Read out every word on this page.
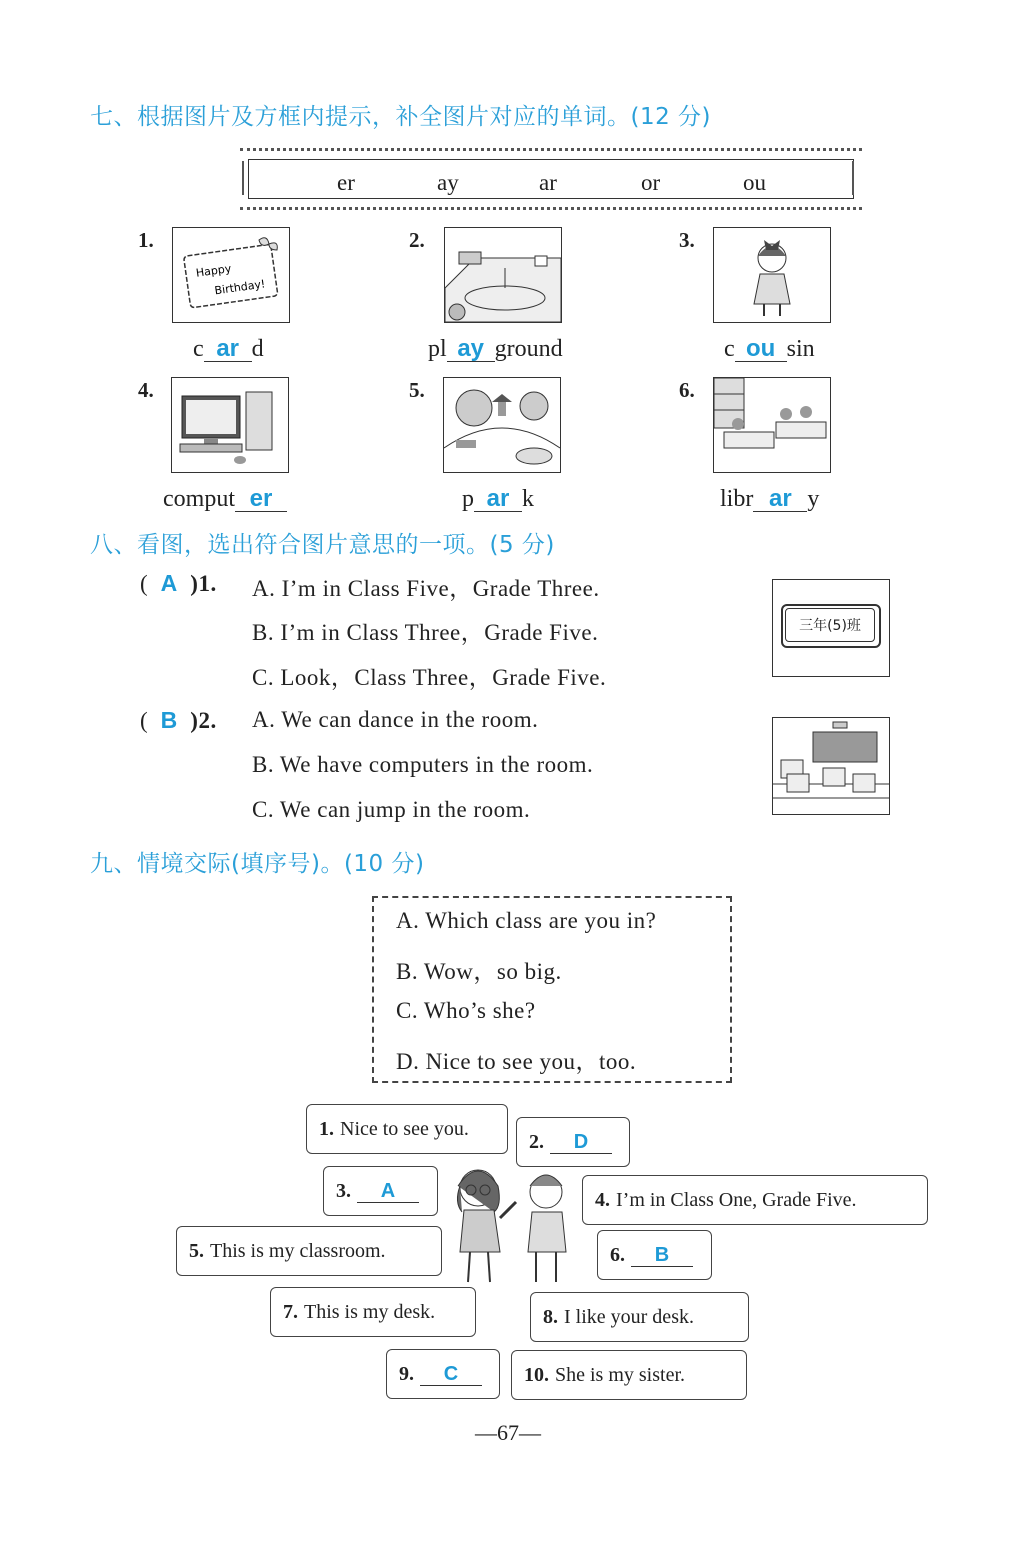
七、根据图片及方框内提示，补全图片对应的单词。(12 分)
er	ay	ar	or	ou
1.
Happy
Birthday!
c ar d
2.
pl ay ground
3.
c ou sin
4.
comput er
5.
p ar k
6.
libr ar y
八、看图，选出符合图片意思的一项。(5 分)
( A )1. A. I’m in Class Five，Grade Three.
B. I’m in Class Three，Grade Five.
C. Look，Class Three，Grade Five.
三年(5)班
( B )2. A. We can dance in the room.
B. We have computers in the room.
C. We can jump in the room.
九、情境交际(填序号)。(10 分)
A. Which class are you in?
B. Wow，so big.
C. Who’s she?
D. Nice to see you，too.
1. Nice to see you.
2.	D
3.	A	4. I’m in Class One, Grade Five.
5. This is my classroom.	6.	B
7. This is my desk.	8. I like your desk.
9.	C	10. She is my sister.
—67—
